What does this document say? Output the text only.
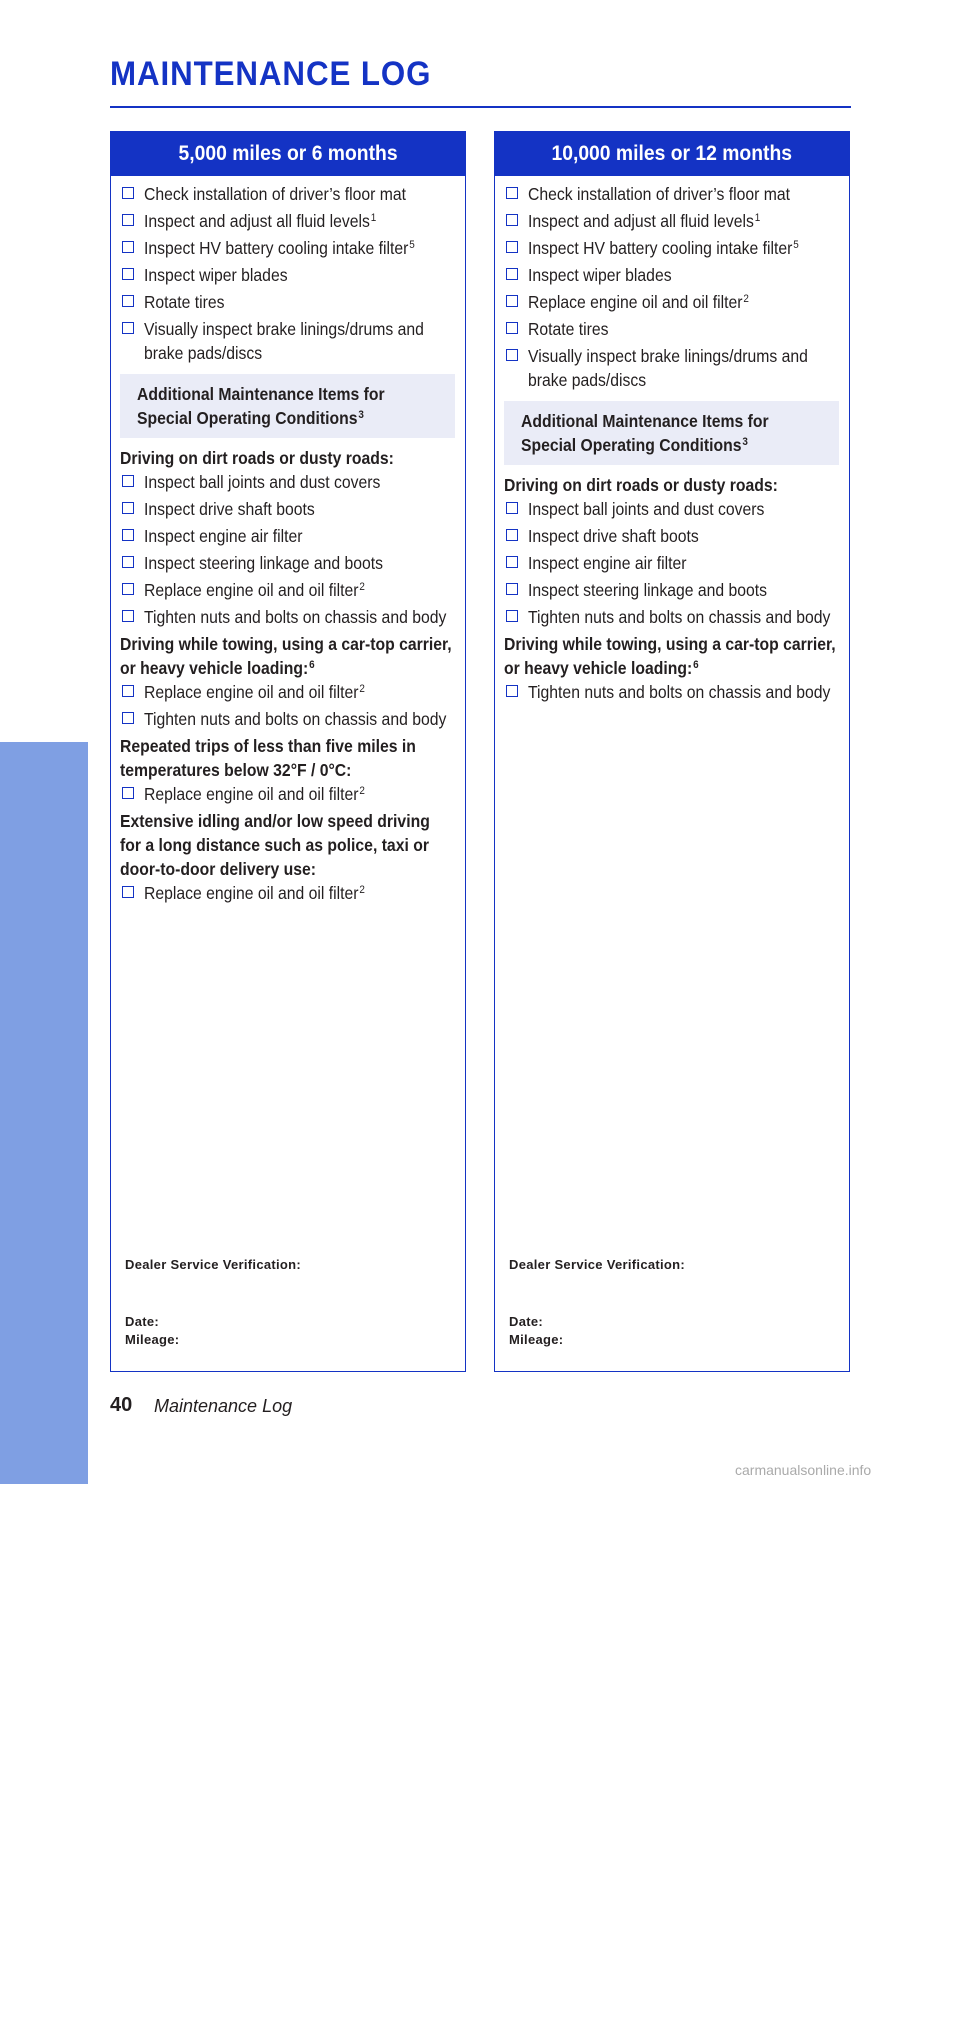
MAINTENANCE
MAINTENANCE LOG
5,000 miles or 6 months
Check installation of driver’s floor mat
Inspect and adjust all fluid levels$^1$
Inspect HV battery cooling intake filter$^5$
Inspect wiper blades
Rotate tires
Visually inspect brake linings/drums and brake pads/discs
Additional Maintenance Items for Special Operating Conditions$^3$
Driving on dirt roads or dusty roads:
Inspect ball joints and dust covers
Inspect drive shaft boots
Inspect engine air filter
Inspect steering linkage and boots
Replace engine oil and oil filter$^2$
Tighten nuts and bolts on chassis and body
Driving while towing, using a car-top carrier, or heavy vehicle loading:$^6$
Replace engine oil and oil filter$^2$
Tighten nuts and bolts on chassis and body
Repeated trips of less than five miles in temperatures below 32°F / 0°C:
Replace engine oil and oil filter$^2$
Extensive idling and/or low speed driving for a long distance such as police, taxi or door-to-door delivery use:
Replace engine oil and oil filter$^2$
Dealer Service Verification:
Date:
Mileage:
10,000 miles or 12 months
Check installation of driver’s floor mat
Inspect and adjust all fluid levels$^1$
Inspect HV battery cooling intake filter$^5$
Inspect wiper blades
Replace engine oil and oil filter$^2$
Rotate tires
Visually inspect brake linings/drums and brake pads/discs
Additional Maintenance Items for Special Operating Conditions$^3$
Driving on dirt roads or dusty roads:
Inspect ball joints and dust covers
Inspect drive shaft boots
Inspect engine air filter
Inspect steering linkage and boots
Tighten nuts and bolts on chassis and body
Driving while towing, using a car-top carrier, or heavy vehicle loading:$^6$
Tighten nuts and bolts on chassis and body
Dealer Service Verification:
Date:
Mileage:
40 Maintenance Log
carmanualsonline.info
